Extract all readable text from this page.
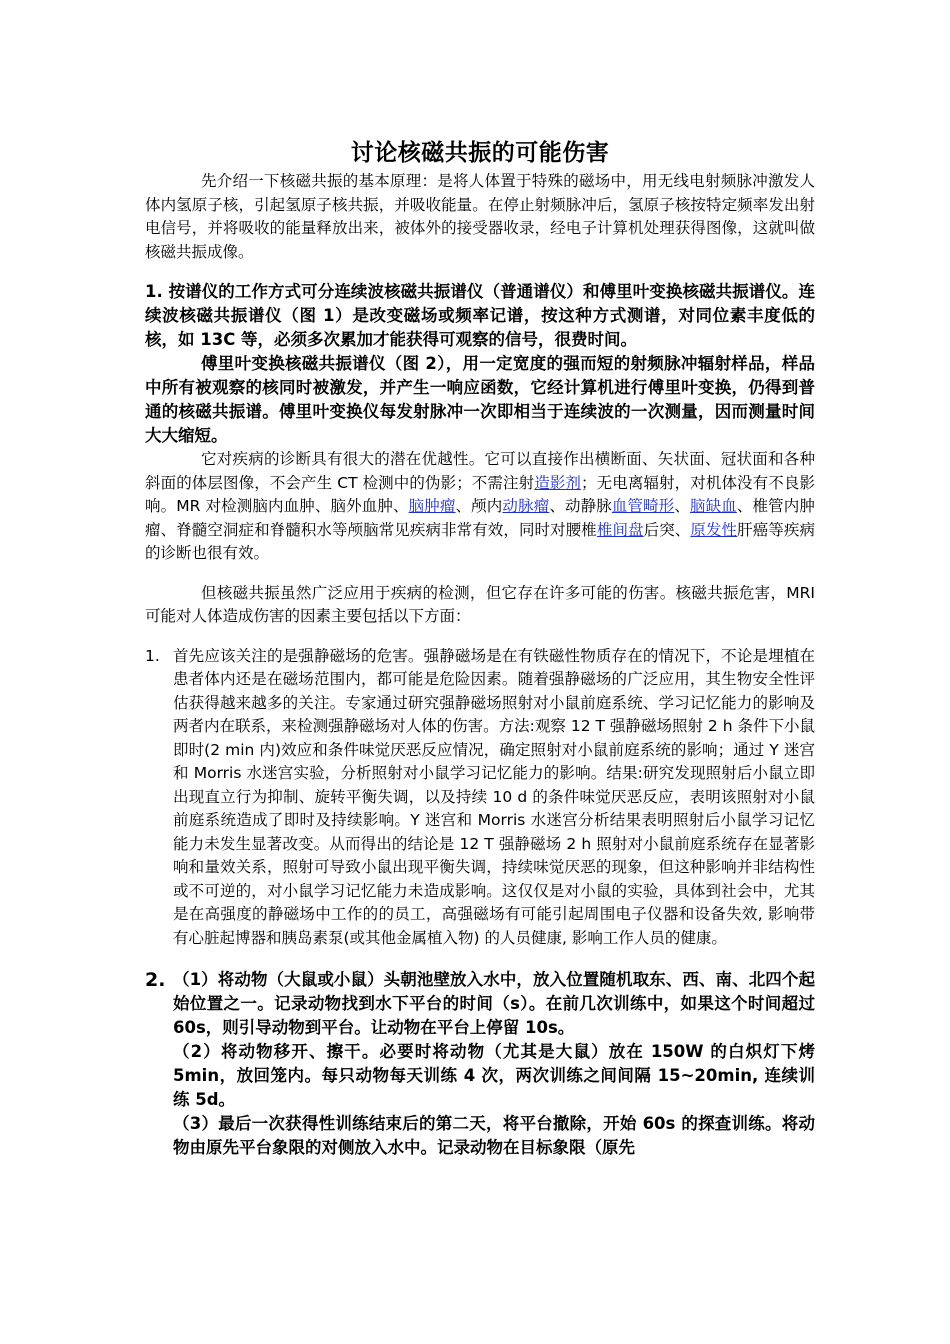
讨论核磁共振的可能伤害

先介绍一下核磁共振的基本原理：是将人体置于特殊的磁场中，用无线电射频脉冲激发人体内氢原子核，引起氢原子核共振，并吸收能量。在停止射频脉冲后，氢原子核按特定频率发出射电信号，并将吸收的能量释放出来，被体外的接受器收录，经电子计算机处理获得图像，这就叫做核磁共振成像。

1. 按谱仪的工作方式可分连续波核磁共振谱仪（普通谱仪）和傅里叶变换核磁共振谱仪。连续波核磁共振谱仪（图 1）是改变磁场或频率记谱，按这种方式测谱，对同位素丰度低的核，如 13C 等，必须多次累加才能获得可观察的信号，很费时间。

傅里叶变换核磁共振谱仪（图 2），用一定宽度的强而短的射频脉冲辐射样品，样品中所有被观察的核同时被激发，并产生一响应函数，它经计算机进行傅里叶变换，仍得到普通的核磁共振谱。傅里叶变换仪每发射脉冲一次即相当于连续波的一次测量，因而测量时间大大缩短。

它对疾病的诊断具有很大的潜在优越性。它可以直接作出横断面、矢状面、冠状面和各种斜面的体层图像，不会产生 CT 检测中的伪影；不需注射造影剂；无电离辐射，对机体没有不良影响。MR 对检测脑内血肿、脑外血肿、脑肿瘤、颅内动脉瘤、动静脉血管畸形、脑缺血、椎管内肿瘤、脊髓空洞症和脊髓积水等颅脑常见疾病非常有效，同时对腰椎椎间盘后突、原发性肝癌等疾病的诊断也很有效。

但核磁共振虽然广泛应用于疾病的检测，但它存在许多可能的伤害。核磁共振危害，MRI 可能对人体造成伤害的因素主要包括以下方面：

1. 首先应该关注的是强静磁场的危害。强静磁场是在有铁磁性物质存在的情况下，不论是埋植在患者体内还是在磁场范围内，都可能是危险因素。随着强静磁场的广泛应用，其生物安全性评估获得越来越多的关注。专家通过研究强静磁场照射对小鼠前庭系统、学习记忆能力的影响及两者内在联系，来检测强静磁场对人体的伤害。方法:观察 12 T 强静磁场照射 2 h 条件下小鼠即时(2 min 内)效应和条件味觉厌恶反应情况，确定照射对小鼠前庭系统的影响；通过 Y 迷宫和 Morris 水迷宫实验，分析照射对小鼠学习记忆能力的影响。结果:研究发现照射后小鼠立即出现直立行为抑制、旋转平衡失调，以及持续 10 d 的条件味觉厌恶反应，表明该照射对小鼠前庭系统造成了即时及持续影响。Y 迷宫和 Morris 水迷宫分析结果表明照射后小鼠学习记忆能力未发生显著改变。从而得出的结论是 12 T 强静磁场 2 h 照射对小鼠前庭系统存在显著影响和量效关系，照射可导致小鼠出现平衡失调，持续味觉厌恶的现象，但这种影响并非结构性或不可逆的，对小鼠学习记忆能力未造成影响。这仅仅是对小鼠的实验，具体到社会中，尤其是在高强度的静磁场中工作的的员工，高强磁场有可能引起周围电子仪器和设备失效, 影响带有心脏起博器和胰岛素泵(或其他金属植入物) 的人员健康, 影响工作人员的健康。
2. （1）将动物（大鼠或小鼠）头朝池壁放入水中，放入位置随机取东、西、南、北四个起始位置之一。记录动物找到水下平台的时间（s）。在前几次训练中，如果这个时间超过 60s，则引导动物到平台。让动物在平台上停留 10s。
（2）将动物移开、擦干。必要时将动物（尤其是大鼠）放在 150W 的白炽灯下烤 5min，放回笼内。每只动物每天训练 4 次，两次训练之间间隔 15~20min, 连续训练 5d。
（3）最后一次获得性训练结束后的第二天，将平台撤除，开始 60s 的探查训练。将动物由原先平台象限的对侧放入水中。记录动物在目标象限（原先
